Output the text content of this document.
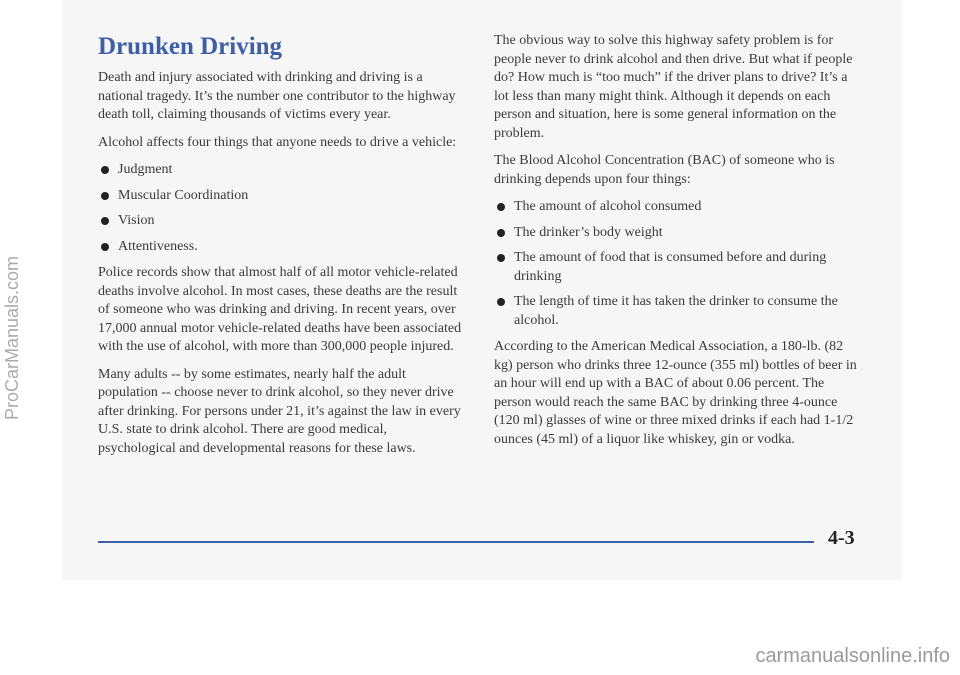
Drunken Driving

Death and injury associated with drinking and driving is a national tragedy. It’s the number one contributor to the highway death toll, claiming thousands of victims every year.

Alcohol affects four things that anyone needs to drive a vehicle:

Judgment
Muscular Coordination
Vision
Attentiveness.

Police records show that almost half of all motor vehicle-related deaths involve alcohol. In most cases, these deaths are the result of someone who was drinking and driving. In recent years, over 17,000 annual motor vehicle-related deaths have been associated with the use of alcohol, with more than 300,000 people injured.

Many adults -- by some estimates, nearly half the adult population -- choose never to drink alcohol, so they never drive after drinking. For persons under 21, it’s against the law in every U.S. state to drink alcohol. There are good medical, psychological and developmental reasons for these laws.

The obvious way to solve this highway safety problem is for people never to drink alcohol and then drive. But what if people do? How much is “too much” if the driver plans to drive? It’s a lot less than many might think. Although it depends on each person and situation, here is some general information on the problem.

The Blood Alcohol Concentration (BAC) of someone who is drinking depends upon four things:

The amount of alcohol consumed
The drinker’s body weight
The amount of food that is consumed before and during drinking
The length of time it has taken the drinker to consume the alcohol.

According to the American Medical Association, a 180-lb. (82 kg) person who drinks three 12-ounce (355 ml) bottles of beer in an hour will end up with a BAC of about 0.06 percent. The person would reach the same BAC by drinking three 4-ounce (120 ml) glasses of wine or three mixed drinks if each had 1-1/2 ounces (45 ml) of a liquor like whiskey, gin or vodka.

4-3
ProCarManuals.com
carmanualsonline.info
